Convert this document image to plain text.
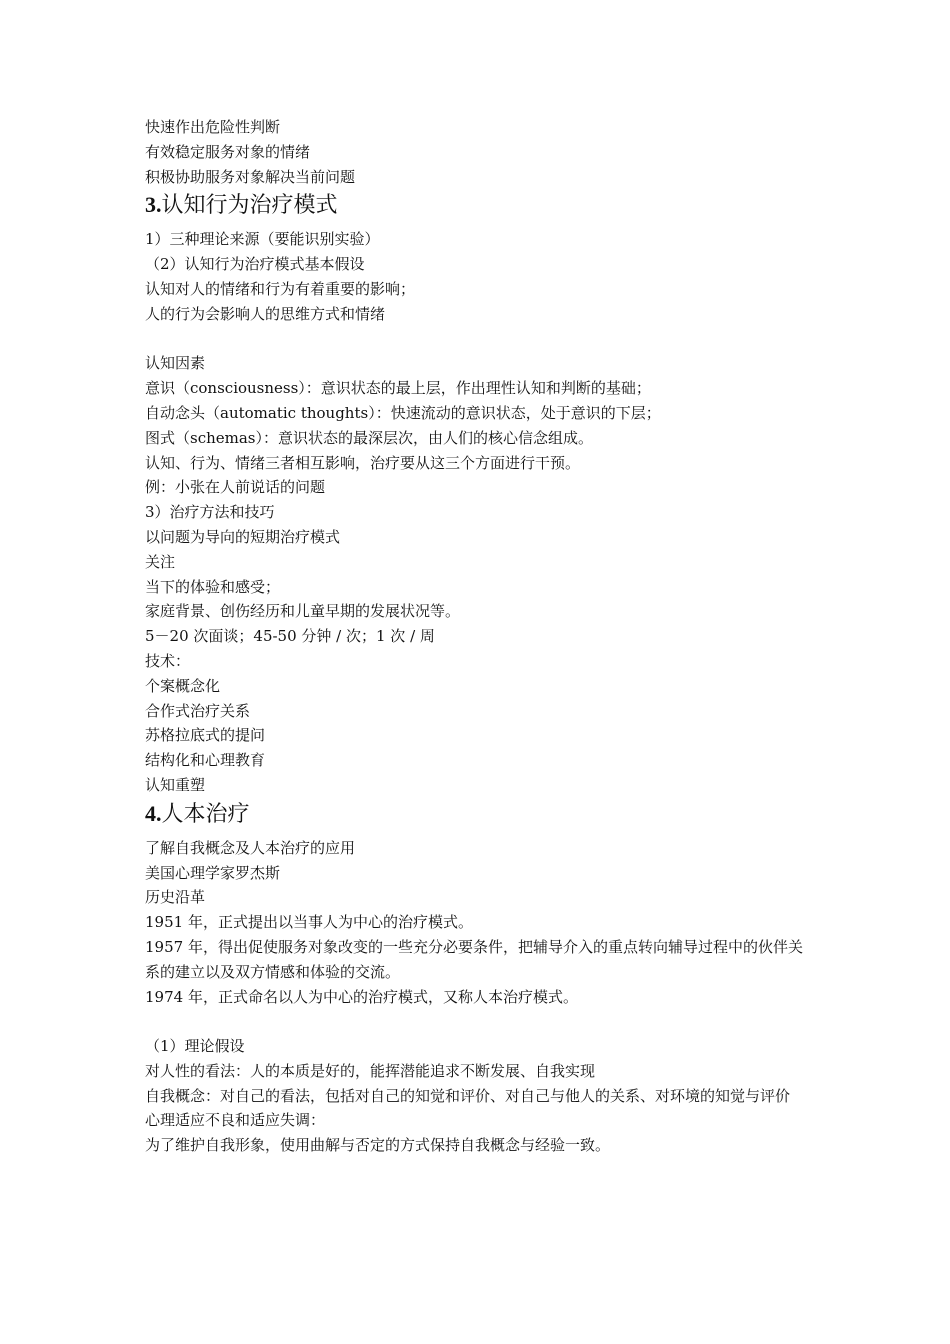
快速作出危险性判断
有效稳定服务对象的情绪
积极协助服务对象解决当前问题
3.认知行为治疗模式
1）三种理论来源（要能识别实验）
（2）认知行为治疗模式基本假设
认知对人的情绪和行为有着重要的影响；
人的行为会影响人的思维方式和情绪
认知因素
意识（consciousness）：意识状态的最上层，作出理性认知和判断的基础；
自动念头（automatic thoughts）：快速流动的意识状态，处于意识的下层；
图式（schemas）：意识状态的最深层次，由人们的核心信念组成。
认知、行为、情绪三者相互影响，治疗要从这三个方面进行干预。
例：小张在人前说话的问题
3）治疗方法和技巧
以问题为导向的短期治疗模式
关注
当下的体验和感受；
家庭背景、创伤经历和儿童早期的发展状况等。
5－20 次面谈；45-50 分钟 / 次；1 次 / 周
技术：
个案概念化
合作式治疗关系
苏格拉底式的提问
结构化和心理教育
认知重塑
4.人本治疗
了解自我概念及人本治疗的应用
美国心理学家罗杰斯
历史沿革
1951 年，正式提出以当事人为中心的治疗模式。
1957 年，得出促使服务对象改变的一些充分必要条件，把辅导介入的重点转向辅导过程中的伙伴关系的建立以及双方情感和体验的交流。
1974 年，正式命名以人为中心的治疗模式，又称人本治疗模式。
（1）理论假设
对人性的看法：人的本质是好的，能挥潜能追求不断发展、自我实现
自我概念：对自己的看法，包括对自己的知觉和评价、对自己与他人的关系、对环境的知觉与评价
心理适应不良和适应失调：
为了维护自我形象，使用曲解与否定的方式保持自我概念与经验一致。
